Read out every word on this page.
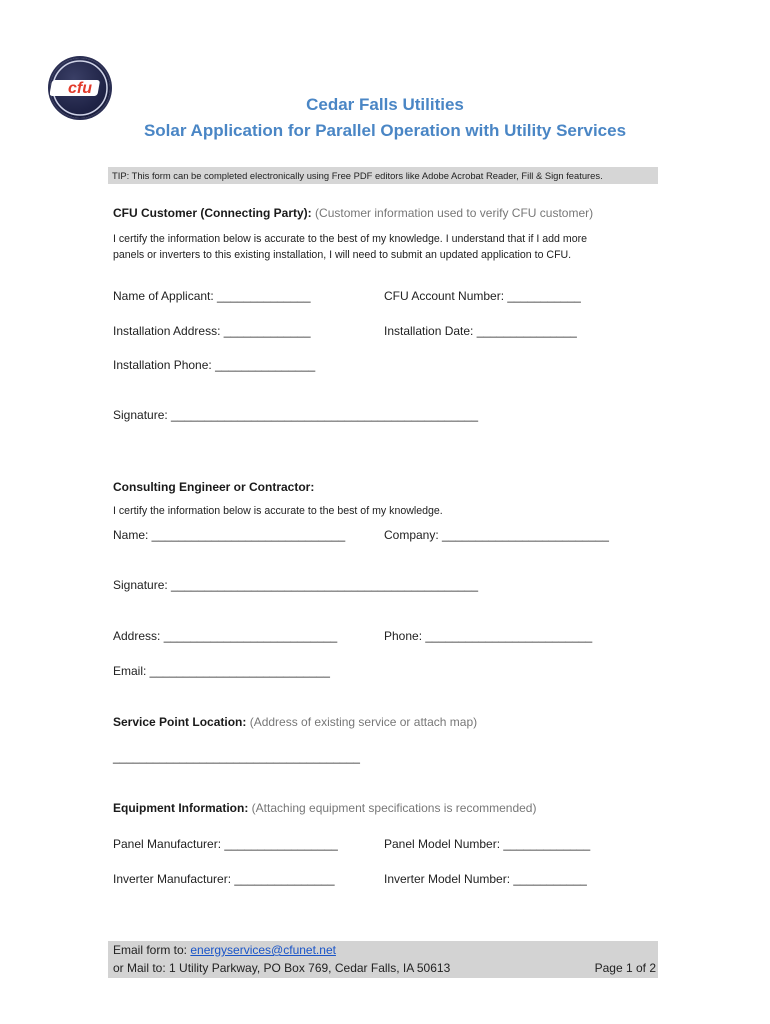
cfu
Cedar Falls Utilities
Solar Application for Parallel Operation with Utility Services
TIP: This form can be completed electronically using Free PDF editors like Adobe Acrobat Reader, Fill & Sign features.
CFU Customer (Connecting Party): (Customer information used to verify CFU customer)
I certify the information below is accurate to the best of my knowledge. I understand that if I add more
panels or inverters to this existing installation, I will need to submit an updated application to CFU.
Name of Applicant: ______________	CFU Account Number: ___________
Installation Address: _____________	Installation Date: _______________
Installation Phone: _______________
Signature: ______________________________________________
Consulting Engineer or Contractor:
I certify the information below is accurate to the best of my knowledge.
Name: _____________________________	Company: _________________________
Signature: ______________________________________________
Address: __________________________	Phone: _________________________
Email: ___________________________
Service Point Location: (Address of existing service or attach map)
_____________________________________
Equipment Information: (Attaching equipment specifications is recommended)
Panel Manufacturer: _________________	Panel Model Number: _____________
Inverter Manufacturer: _______________	Inverter Model Number: ___________
Email form to: energyservices@cfunet.net
or Mail to: 1 Utility Parkway, PO Box 769, Cedar Falls, IA 50613	Page 1 of 2
